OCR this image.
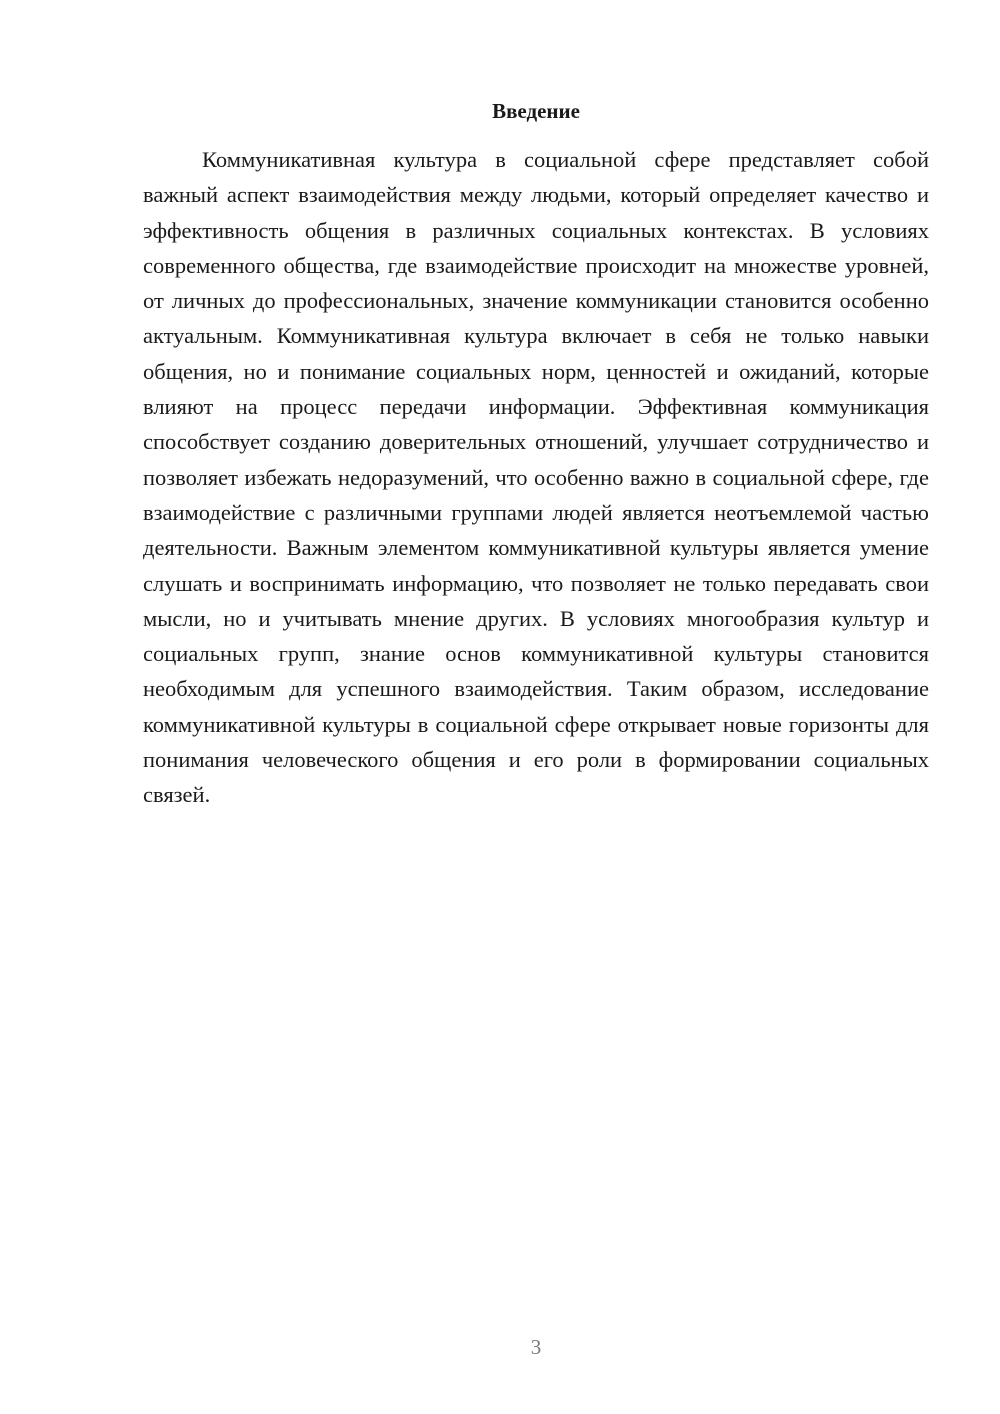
Введение

Коммуникативная культура в социальной сфере представляет собой важный аспект взаимодействия между людьми, который определяет качество и эффективность общения в различных социальных контекстах. В условиях современного общества, где взаимодействие происходит на множестве уровней, от личных до профессиональных, значение коммуникации становится особенно актуальным. Коммуникативная культура включает в себя не только навыки общения, но и понимание социальных норм, ценностей и ожиданий, которые влияют на процесс передачи информации. Эффективная коммуникация способствует созданию доверительных отношений, улучшает сотрудничество и позволяет избежать недоразумений, что особенно важно в социальной сфере, где взаимодействие с различными группами людей является неотъемлемой частью деятельности. Важным элементом коммуникативной культуры является умение слушать и воспринимать информацию, что позволяет не только передавать свои мысли, но и учитывать мнение других. В условиях многообразия культур и социальных групп, знание основ коммуникативной культуры становится необходимым для успешного взаимодействия. Таким образом, исследование коммуникативной культуры в социальной сфере открывает новые горизонты для понимания человеческого общения и его роли в формировании социальных связей.

3
